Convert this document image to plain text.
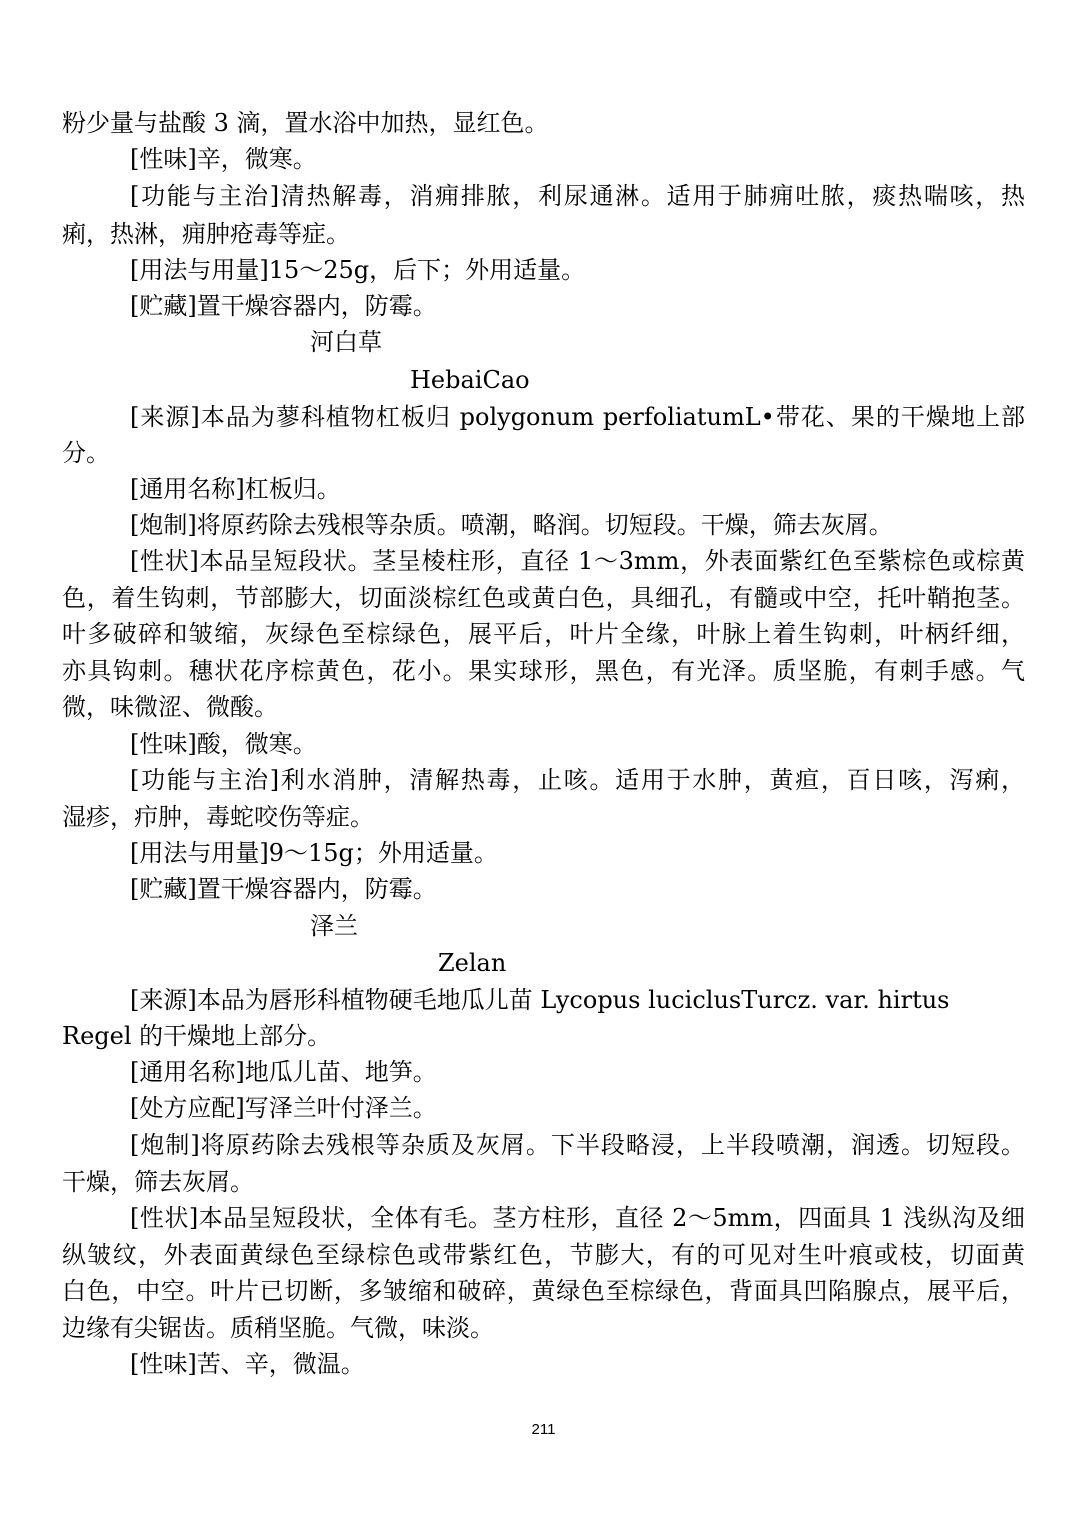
粉少量与盐酸 3 滴，置水浴中加热，显红色。
[性味]辛，微寒。
[功能与主治]清热解毒，消痈排脓，利尿通淋。适用于肺痈吐脓，痰热喘咳，热
痢，热淋，痈肿疮毒等症。
[用法与用量]15～25g，后下；外用适量。
[贮藏]置干燥容器内，防霉。
河白草
HebaiCao
[来源]本品为蓼科植物杠板归 polygonum perfoliatumL•带花、果的干燥地上部
分。
[通用名称]杠板归。
[炮制]将原药除去残根等杂质。喷潮，略润。切短段。干燥，筛去灰屑。
[性状]本品呈短段状。茎呈棱柱形，直径 1～3mm，外表面紫红色至紫棕色或棕黄
色，着生钩刺，节部膨大，切面淡棕红色或黄白色，具细孔，有髓或中空，托叶鞘抱茎。
叶多破碎和皱缩，灰绿色至棕绿色，展平后，叶片全缘，叶脉上着生钩刺，叶柄纤细，
亦具钩刺。穗状花序棕黄色，花小。果实球形，黑色，有光泽。质坚脆，有刺手感。气
微，味微涩、微酸。
[性味]酸，微寒。
[功能与主治]利水消肿，清解热毒，止咳。适用于水肿，黄疸，百日咳，泻痢，
湿疹，疖肿，毒蛇咬伤等症。
[用法与用量]9～15g；外用适量。
[贮藏]置干燥容器内，防霉。
泽兰
Zelan
[来源]本品为唇形科植物硬毛地瓜儿苗 Lycopus luciclusTurcz. var. hirtus
Regel 的干燥地上部分。
[通用名称]地瓜儿苗、地笋。
[处方应配]写泽兰叶付泽兰。
[炮制]将原药除去残根等杂质及灰屑。下半段略浸，上半段喷潮，润透。切短段。
干燥，筛去灰屑。
[性状]本品呈短段状，全体有毛。茎方柱形，直径 2～5mm，四面具 1 浅纵沟及细
纵皱纹，外表面黄绿色至绿棕色或带紫红色，节膨大，有的可见对生叶痕或枝，切面黄
白色，中空。叶片已切断，多皱缩和破碎，黄绿色至棕绿色，背面具凹陷腺点，展平后，
边缘有尖锯齿。质稍坚脆。气微，味淡。
[性味]苦、辛，微温。
211
